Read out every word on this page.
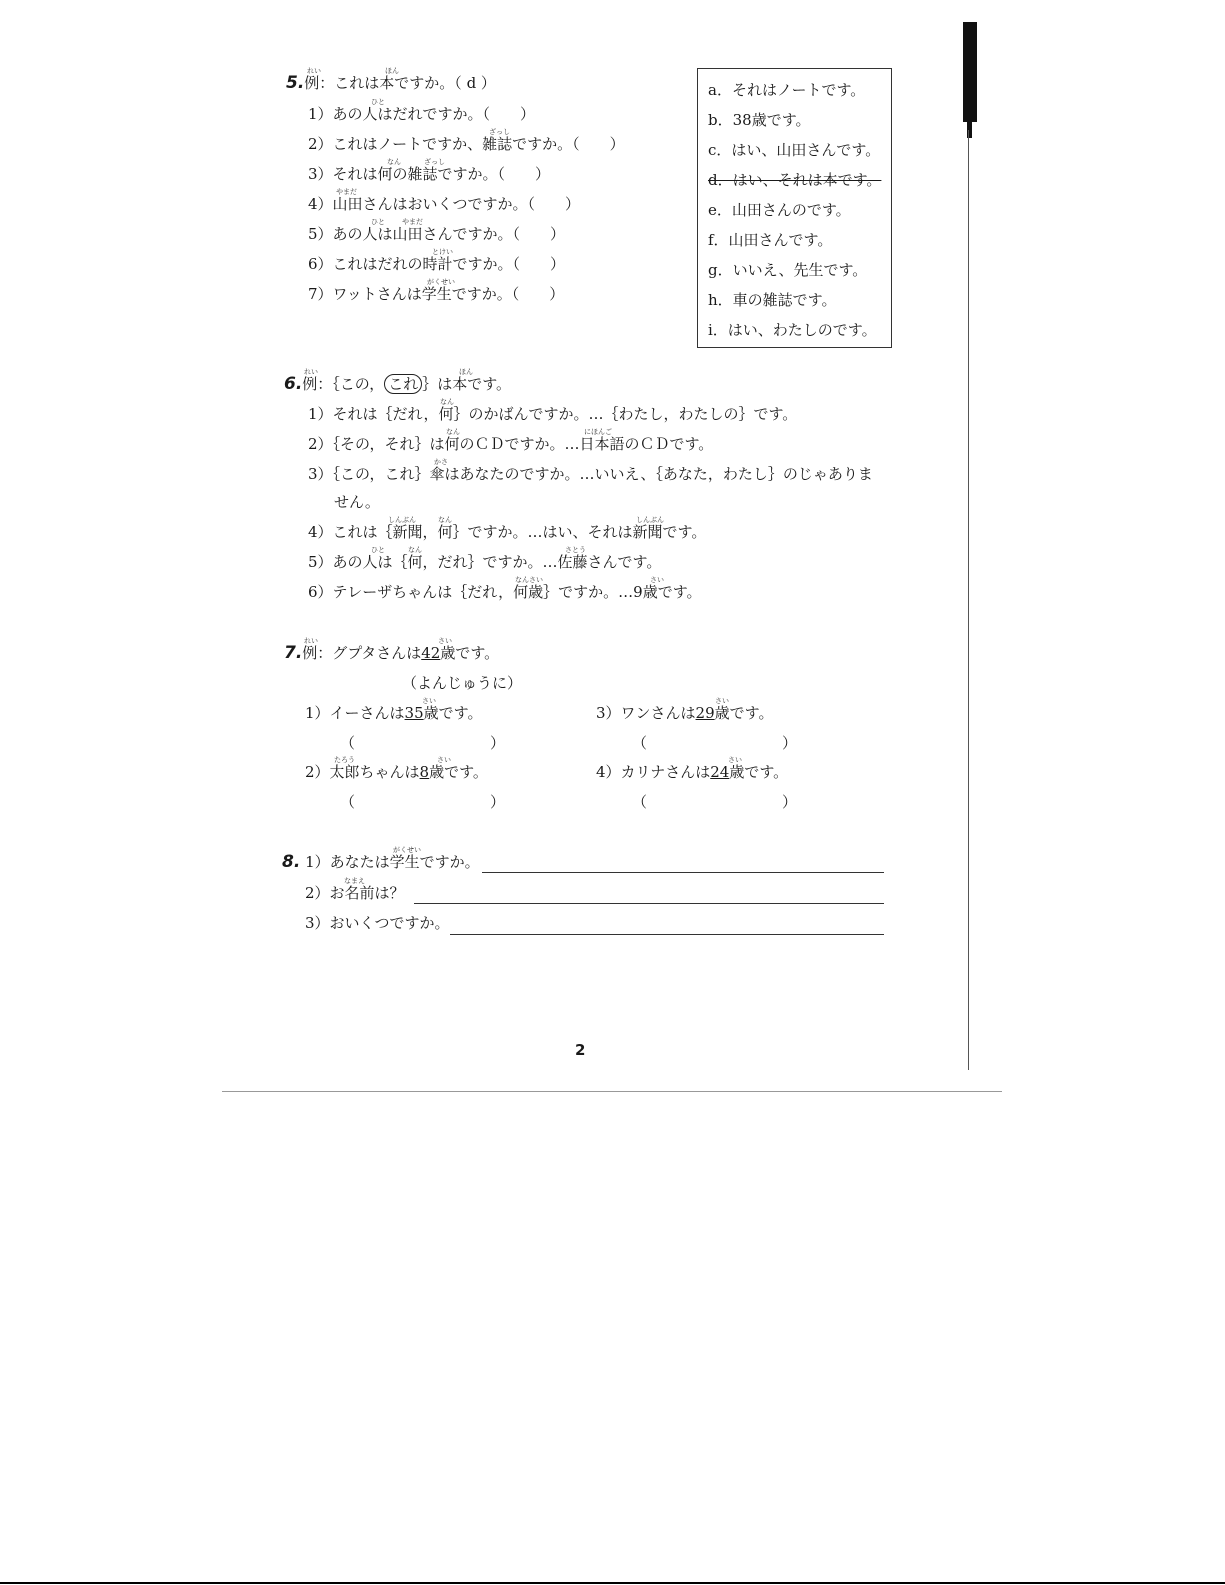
5.例：これは本ですか。（ d ）
れい	ほん
1）あの人はだれですか。（　　）
ひと
2）これはノートですか、雑誌ですか。（　　）
ざっし
3）それは何の雑誌ですか。（　　）
なん	ざっし
4）山田さんはおいくつですか。（　　）
やまだ
5）あの人は山田さんですか。（　　）
ひと やまだ
6）これはだれの時計ですか。（　　）
とけい
7）ワットさんは学生ですか。（　　）
がくせい
a．それはノートです。
b．38歳です。
c．はい、山田さんです。
d．はい、それは本です。
e．山田さんのです。
f．山田さんです。
g．いいえ、先生です。
h．車の雑誌です。
i．はい、わたしのです。
6.例：｛この， これ ｝は本です。
れい	ほん
1）それは｛だれ，何｝のかばんですか。…｛わたし，わたしの｝です。
なん
2）｛その，それ｝は何のＣＤですか。…日本語のＣＤです。
なん	にほんご
3）｛この，これ｝傘はあなたのですか。…いいえ、｛あなた，わたし｝のじゃありま
かさ
せん。
4）これは｛新聞，何｝ですか。…はい、それは新聞です。
しんぶん	なん	しんぶん
5）あの人は｛何，だれ｝ですか。…佐藤さんです。
ひと	なん	さとう
6）テレーザちゃんは｛だれ，何歳｝ですか。…9歳です。
なんさい	さい
7.例：グプタさんは42歳です。
れい	さい
（よんじゅうに）
1）イーさんは35歳です。
さい
（	）
3）ワンさんは29歳です。
さい
（	）
2）太郎ちゃんは8歳です。
たろう	さい
（	）
4）カリナさんは24歳です。
さい
（	）
8. 1）あなたは学生ですか。
がくせい
2）お名前は？
なまえ
3）おいくつですか。
2
